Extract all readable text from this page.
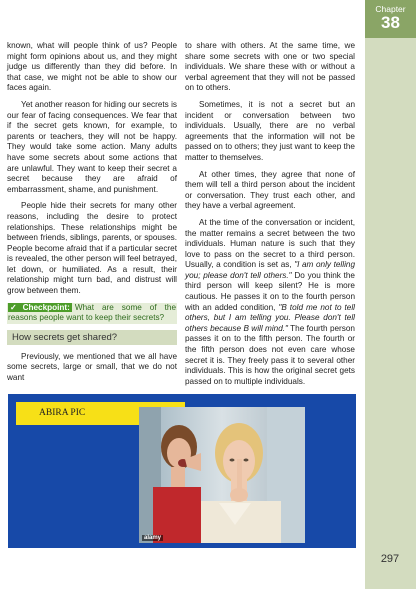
Chapter
38

known, what will people think of us? People might form opinions about us, and they might judge us differently than they did before. In that case, we might not be able to show our faces again.

Yet another reason for hiding our secrets is our fear of facing consequences. We fear that if the secret gets known, for example, to parents or teachers, they will not be happy. They would take some action. Many adults have some secrets about some actions that are unlawful. They want to keep their secret a secret because they are afraid of embarrassment, shame, and punishment.

People hide their secrets for many other reasons, including the desire to protect relationships. These relationships might be between friends, siblings, parents, or spouses. People become afraid that if a particular secret is revealed, the other person will feel betrayed, let down, or humiliated. As a result, their relationship might turn bad, and distrust will grow between them.

✓Checkpoint: What are some of the reasons people want to keep their secrets?
How secrets get shared?

Previously, we mentioned that we all have some secrets, large or small, that we do not want

to share with others. At the same time, we share some secrets with one or two special individuals. We share these with or without a verbal agreement that they will not be passed on to others.

Sometimes, it is not a secret but an incident or conversation between two individuals. Usually, there are no verbal agreements that the information will not be passed on to others; they just want to keep the matter to themselves.

At other times, they agree that none of them will tell a third person about the incident or conversation. They trust each other, and they have a verbal agreement.

At the time of the conversation or incident, the matter remains a secret between the two individuals. Human nature is such that they love to pass on the secret to a third person. Usually, a condition is set as, "I am only telling you; please don't tell others." Do you think the third person will keep silent? He is more cautious. He passes it on to the fourth person with an added condition, "B told me not to tell others, but I am telling you. Please don't tell others because B will mind." The fourth person passes it on to the fifth person. The fourth or the fifth person does not even care whose secret it is. They freely pass it to several other individuals. This is how the original secret gets passed on to multiple individuals.

ABIRA PIC
alamy
297
